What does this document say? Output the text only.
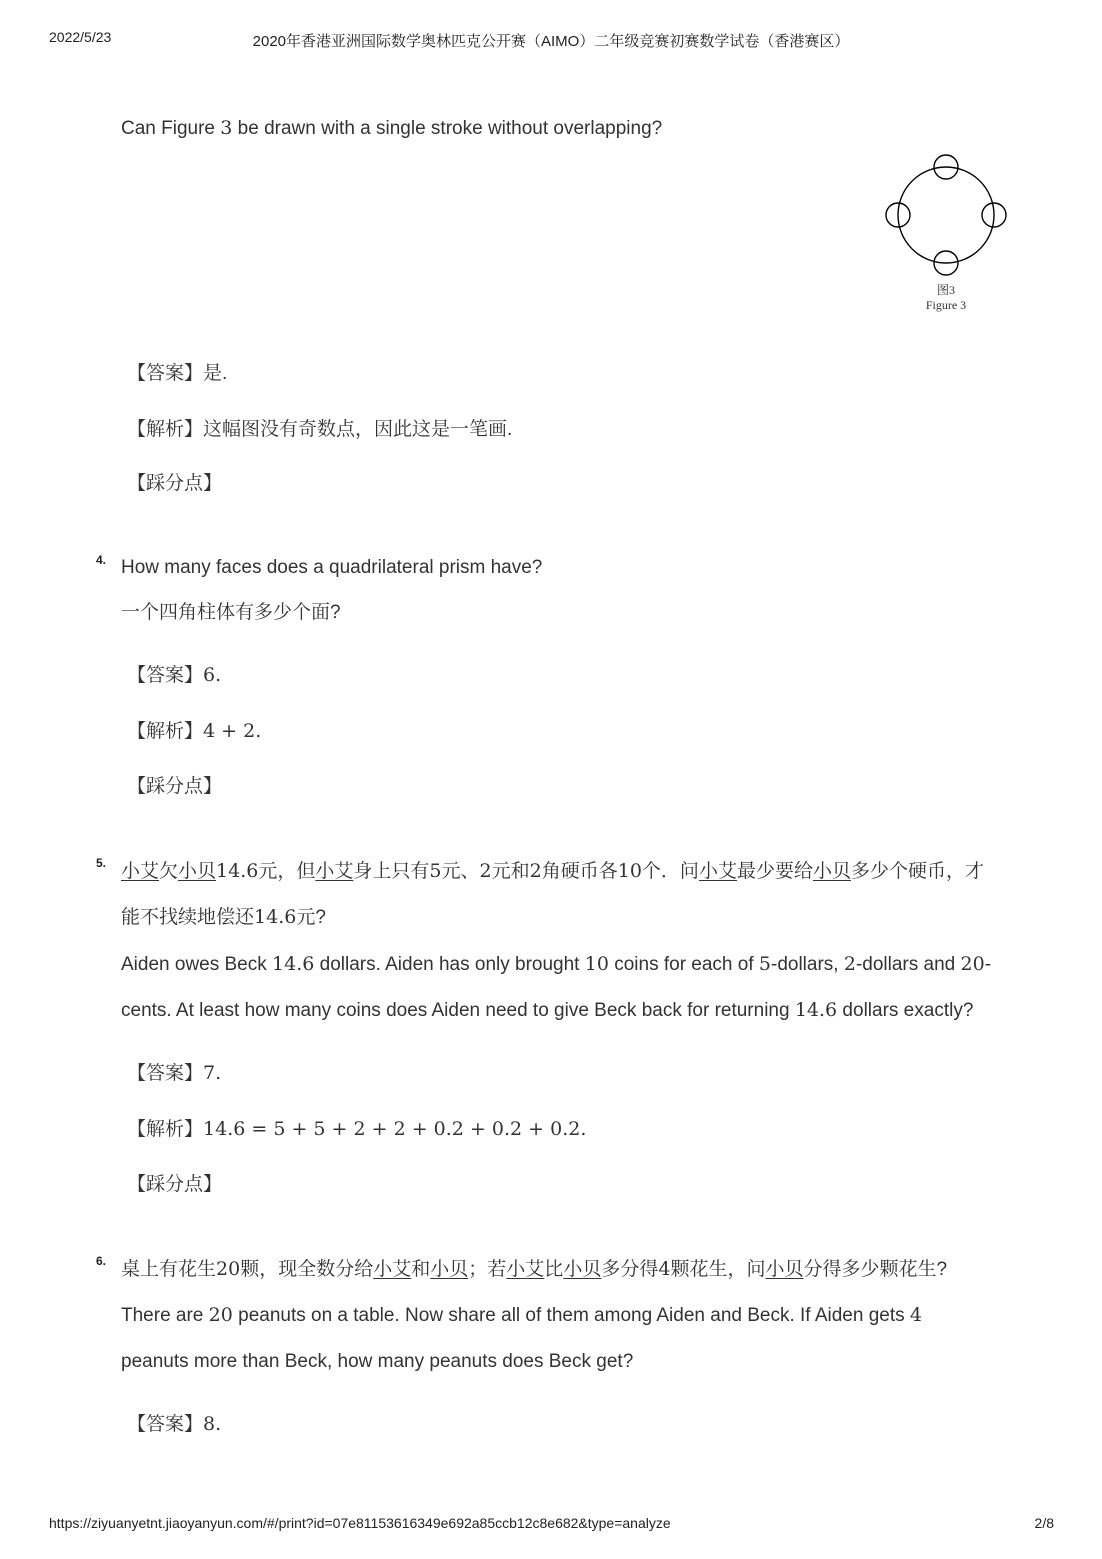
2022/5/23	2020年香港亚洲国际数学奥林匹克公开赛（AIMO）二年级竞赛初赛数学试卷（香港赛区）
https://ziyuanyetnt.jiaoyanyun.com/#/print?id=07e81153616349e692a85ccb12c8e682&type=analyze	2/8
Can Figure 3 be drawn with a single stroke without overlapping?
图3
Figure 3
【答案】是.
【解析】这幅图没有奇数点，因此这是一笔画.
【踩分点】
4. How many faces does a quadrilateral prism have?
一个四角柱体有多少个面?
【答案】6.
【解析】4 + 2.
【踩分点】
5. 小艾欠小贝14.6元，但小艾身上只有5元、2元和2角硬币各10个．问小艾最少要给小贝多少个硬币，才
能不找续地偿还14.6元?
Aiden owes Beck 14.6 dollars. Aiden has only brought 10 coins for each of 5-dollars, 2-dollars and 20-
cents. At least how many coins does Aiden need to give Beck back for returning 14.6 dollars exactly?
【答案】7.
【解析】14.6 = 5 + 5 + 2 + 2 + 0.2 + 0.2 + 0.2.
【踩分点】
6. 桌上有花生20颗，现全数分给小艾和小贝；若小艾比小贝多分得4颗花生，问小贝分得多少颗花生?
There are 20 peanuts on a table. Now share all of them among Aiden and Beck. If Aiden gets 4
peanuts more than Beck, how many peanuts does Beck get?
【答案】8.
